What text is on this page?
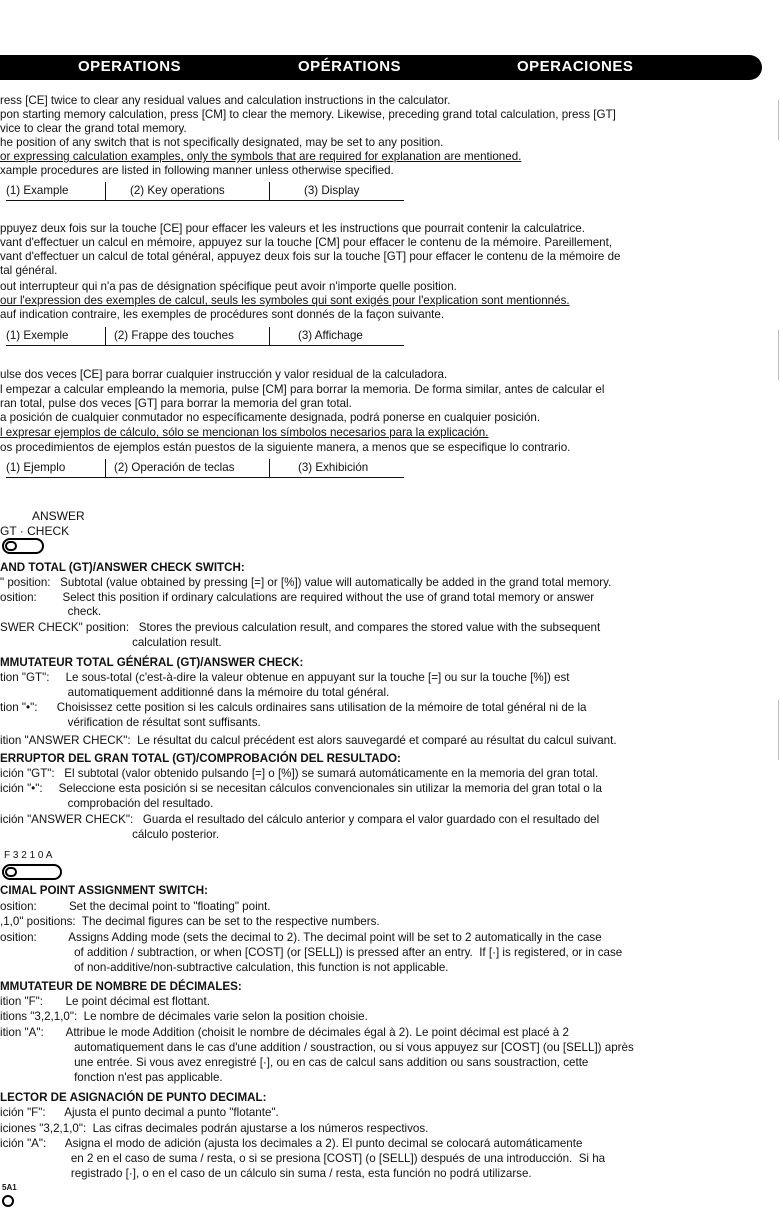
OPERATIONS	OPÉRATIONS	OPERACIONES
ress [CE] twice to clear any residual values and calculation instructions in the calculator.
pon starting memory calculation, press [CM] to clear the memory. Likewise, preceding grand total calculation, press [GT]
vice to clear the grand total memory.
he position of any switch that is not specifically designated, may be set to any position.
or expressing calculation examples, only the symbols that are required for explanation are mentioned.
xample procedures are listed in following manner unless otherwise specified.
(1) Example	(2) Key operations	(3) Display
ppuyez deux fois sur la touche [CE] pour effacer les valeurs et les instructions que pourrait contenir la calculatrice.
vant d'effectuer un calcul en mémoire, appuyez sur la touche [CM] pour effacer le contenu de la mémoire. Pareillement,
vant d'effectuer un calcul de total général, appuyez deux fois sur la touche [GT] pour effacer le contenu de la mémoire de
tal général.
out interrupteur qui n'a pas de désignation spécifique peut avoir n'importe quelle position.
our l'expression des exemples de calcul, seuls les symboles qui sont exigés pour l'explication sont mentionnés.
auf indication contraire, les exemples de procédures sont donnés de la façon suivante.
(1) Exemple	(2) Frappe des touches	(3) Affichage
ulse dos veces [CE] para borrar cualquier instrucción y valor residual de la calculadora.
l empezar a calcular empleando la memoria, pulse [CM] para borrar la memoria. De forma similar, antes de calcular el
ran total, pulse dos veces [GT] para borrar la memoria del gran total.
a posición de cualquier conmutador no específicamente designada, podrá ponerse en cualquier posición.
l expresar ejemplos de cálculo, sólo se mencionan los símbolos necesarios para la explicación.
os procedimientos de ejemplos están puestos de la siguiente manera, a menos que se especifique lo contrario.
(1) Ejemplo	(2) Operación de teclas	(3) Exhibición
ANSWER
GT · CHECK
AND TOTAL (GT)/ANSWER CHECK SWITCH:
" position:   Subtotal (value obtained by pressing [=] or [%]) value will automatically be added in the grand total memory.
osition:        Select this position if ordinary calculations are required without the use of grand total memory or answer
check.
SWER CHECK" position:   Stores the previous calculation result, and compares the stored value with the subsequent
calculation result.
MMUTATEUR TOTAL GÉNÉRAL (GT)/ANSWER CHECK:
tion "GT":     Le sous-total (c'est-à-dire la valeur obtenue en appuyant sur la touche [=] ou sur la touche [%]) est
automatiquement additionné dans la mémoire du total général.
tion "•":      Choisissez cette position si les calculs ordinaires sans utilisation de la mémoire de total général ni de la
vérification de résultat sont suffisants.
ition "ANSWER CHECK":  Le résultat du calcul précédent est alors sauvegardé et comparé au résultat du calcul suivant.
ERRUPTOR DEL GRAN TOTAL (GT)/COMPROBACIÓN DEL RESULTADO:
ición "GT":   El subtotal (valor obtenido pulsando [=] o [%]) se sumará automáticamente en la memoria del gran total.
ición "•":     Seleccione esta posición si se necesitan cálculos convencionales sin utilizar la memoria del gran total o la
comprobación del resultado.
ición "ANSWER CHECK":   Guarda el resultado del cálculo anterior y compara el valor guardado con el resultado del
cálculo posterior.
F 3 2 1 0 A
CIMAL POINT ASSIGNMENT SWITCH:
osition:          Set the decimal point to "floating" point.
,1,0" positions:  The decimal figures can be set to the respective numbers.
osition:          Assigns Adding mode (sets the decimal to 2). The decimal point will be set to 2 automatically in the case
of addition / subtraction, or when [COST] (or [SELL]) is pressed after an entry.  If [·] is registered, or in case
of non-additive/non-subtractive calculation, this function is not applicable.
MMUTATEUR DE NOMBRE DE DÉCIMALES:
ition "F":       Le point décimal est flottant.
itions "3,2,1,0":  Le nombre de décimales varie selon la position choisie.
ition "A":       Attribue le mode Addition (choisit le nombre de décimales égal à 2). Le point décimal est placé à 2
automatiquement dans le cas d'une addition / soustraction, ou si vous appuyez sur [COST] (ou [SELL]) après
une entrée. Si vous avez enregistré [·], ou en cas de calcul sans addition ou sans soustraction, cette
fonction n'est pas applicable.
LECTOR DE ASIGNACIÓN DE PUNTO DECIMAL:
ición "F":      Ajusta el punto decimal a punto "flotante".
iciones "3,2,1,0":  Las cifras decimales podrán ajustarse a los números respectivos.
ición "A":      Asigna el modo de adición (ajusta los decimales a 2). El punto decimal se colocará automáticamente
en 2 en el caso de suma / resta, o si se presiona [COST] (o [SELL]) después de una introducción.  Si ha
registrado [·], o en el caso de un cálculo sin suma / resta, esta función no podrá utilizarse.
5A1
